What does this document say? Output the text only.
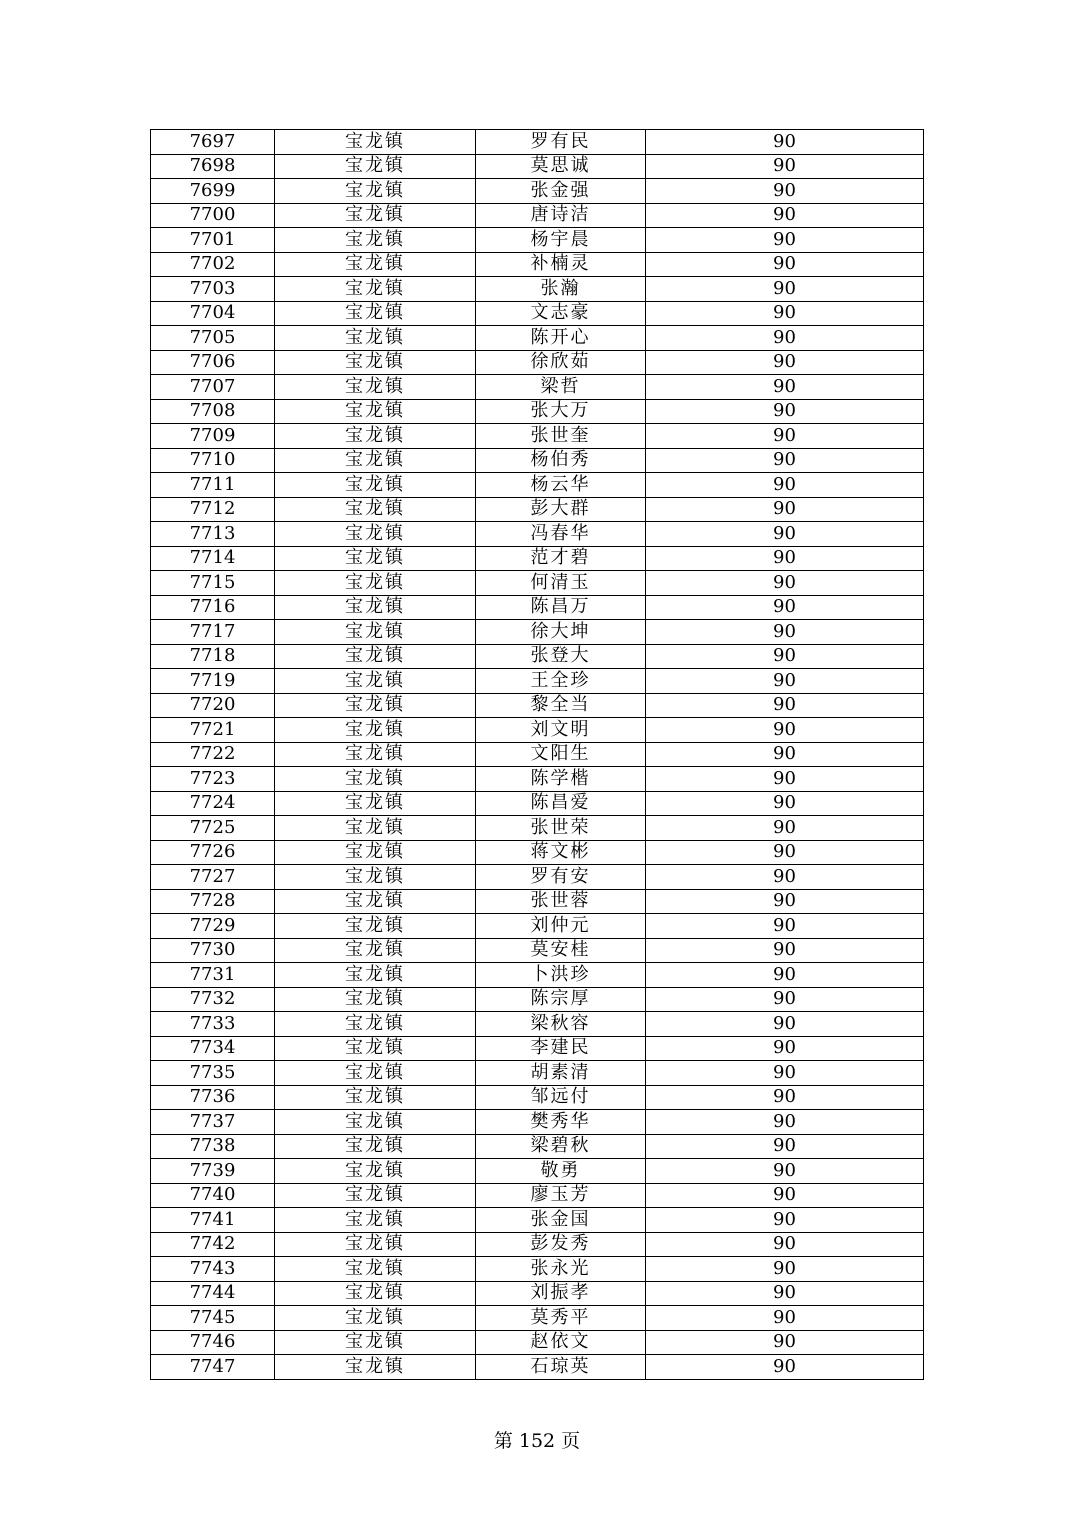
7697	宝龙镇	罗有民	90
7698	宝龙镇	莫思诚	90
7699	宝龙镇	张金强	90
7700	宝龙镇	唐诗洁	90
7701	宝龙镇	杨宇晨	90
7702	宝龙镇	补楠灵	90
7703	宝龙镇	张瀚	90
7704	宝龙镇	文志豪	90
7705	宝龙镇	陈开心	90
7706	宝龙镇	徐欣茹	90
7707	宝龙镇	梁哲	90
7708	宝龙镇	张大万	90
7709	宝龙镇	张世奎	90
7710	宝龙镇	杨伯秀	90
7711	宝龙镇	杨云华	90
7712	宝龙镇	彭大群	90
7713	宝龙镇	冯春华	90
7714	宝龙镇	范才碧	90
7715	宝龙镇	何清玉	90
7716	宝龙镇	陈昌万	90
7717	宝龙镇	徐大坤	90
7718	宝龙镇	张登大	90
7719	宝龙镇	王全珍	90
7720	宝龙镇	黎全当	90
7721	宝龙镇	刘文明	90
7722	宝龙镇	文阳生	90
7723	宝龙镇	陈学楷	90
7724	宝龙镇	陈昌爱	90
7725	宝龙镇	张世荣	90
7726	宝龙镇	蒋文彬	90
7727	宝龙镇	罗有安	90
7728	宝龙镇	张世蓉	90
7729	宝龙镇	刘仲元	90
7730	宝龙镇	莫安桂	90
7731	宝龙镇	卜洪珍	90
7732	宝龙镇	陈宗厚	90
7733	宝龙镇	梁秋容	90
7734	宝龙镇	李建民	90
7735	宝龙镇	胡素清	90
7736	宝龙镇	邹远付	90
7737	宝龙镇	樊秀华	90
7738	宝龙镇	梁碧秋	90
7739	宝龙镇	敬勇	90
7740	宝龙镇	廖玉芳	90
7741	宝龙镇	张金国	90
7742	宝龙镇	彭发秀	90
7743	宝龙镇	张永光	90
7744	宝龙镇	刘振孝	90
7745	宝龙镇	莫秀平	90
7746	宝龙镇	赵依文	90
7747	宝龙镇	石琼英	90
第 152 页
